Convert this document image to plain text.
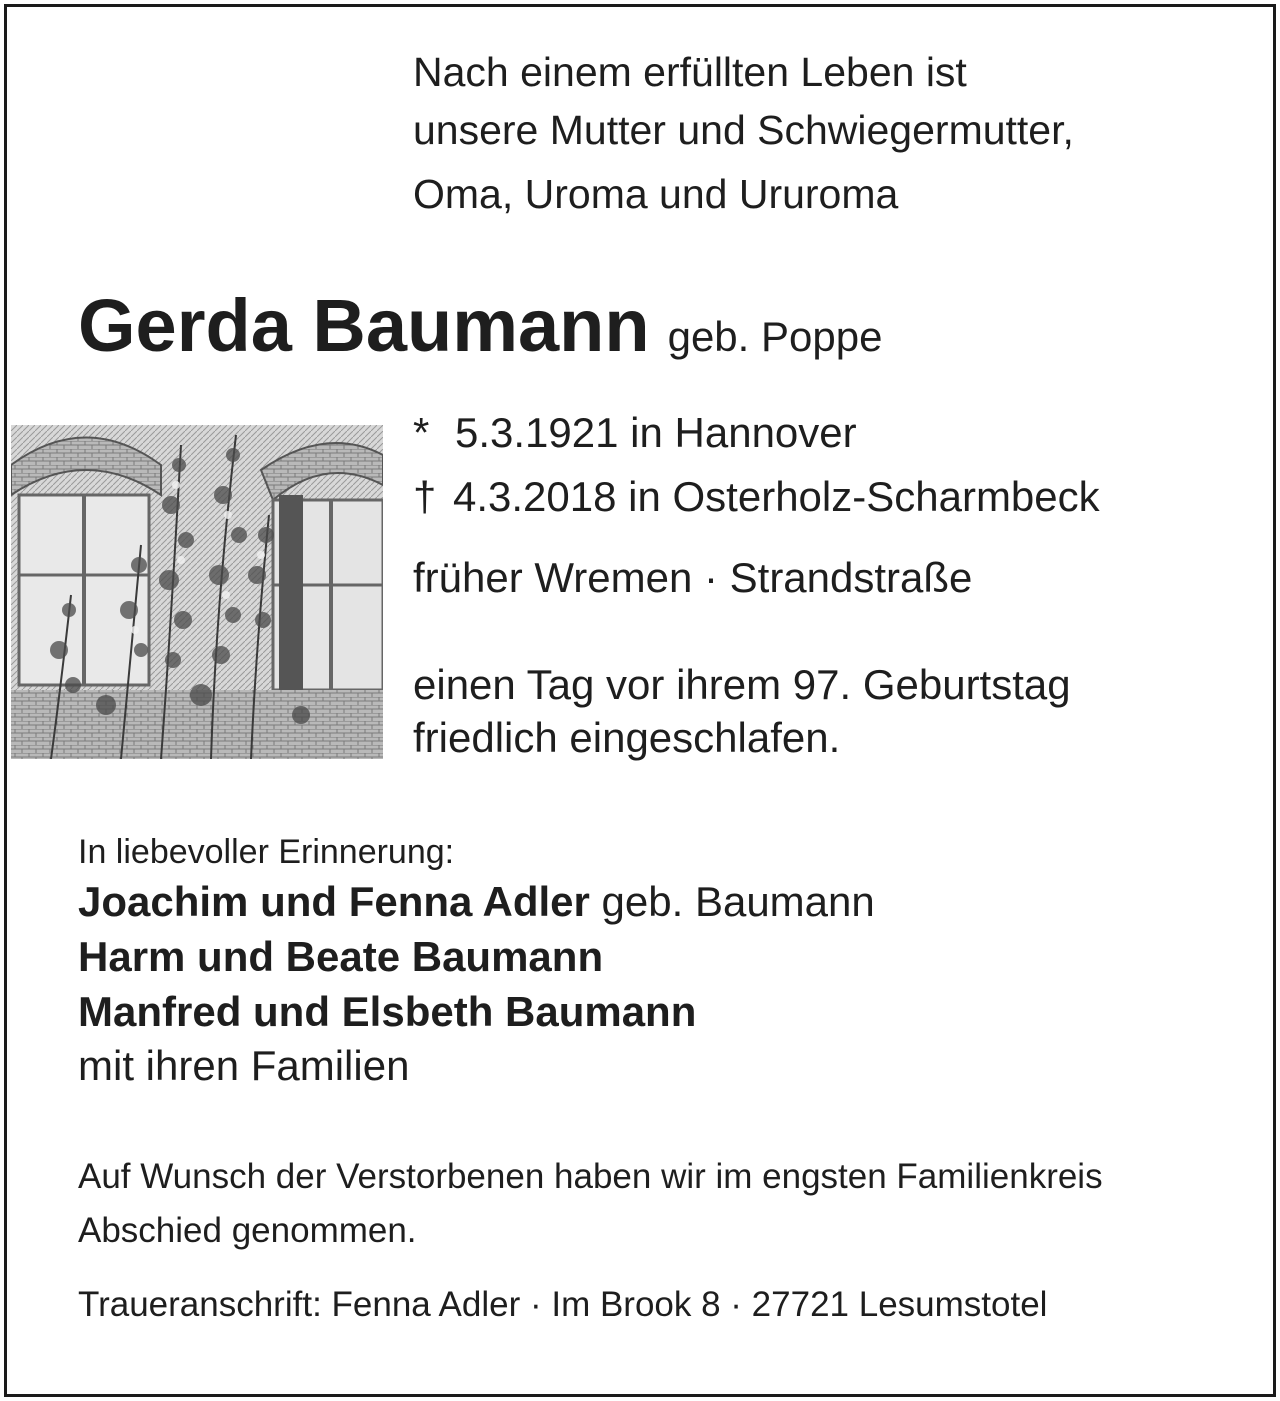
Nach einem erfüllten Leben ist
unsere Mutter und Schwiegermutter,
Oma, Uroma und Ururoma
Gerda Baumann geb. Poppe
* 5.3.1921 in Hannover
† 4.3.2018 in Osterholz-Scharmbeck
früher Wremen · Strandstraße
einen Tag vor ihrem 97. Geburtstag
friedlich eingeschlafen.
In liebevoller Erinnerung:
Joachim und Fenna Adler geb. Baumann
Harm und Beate Baumann
Manfred und Elsbeth Baumann
mit ihren Familien
Auf Wunsch der Verstorbenen haben wir im engsten Familienkreis
Abschied genommen.
Traueranschrift: Fenna Adler · Im Brook 8 · 27721 Lesumstotel
